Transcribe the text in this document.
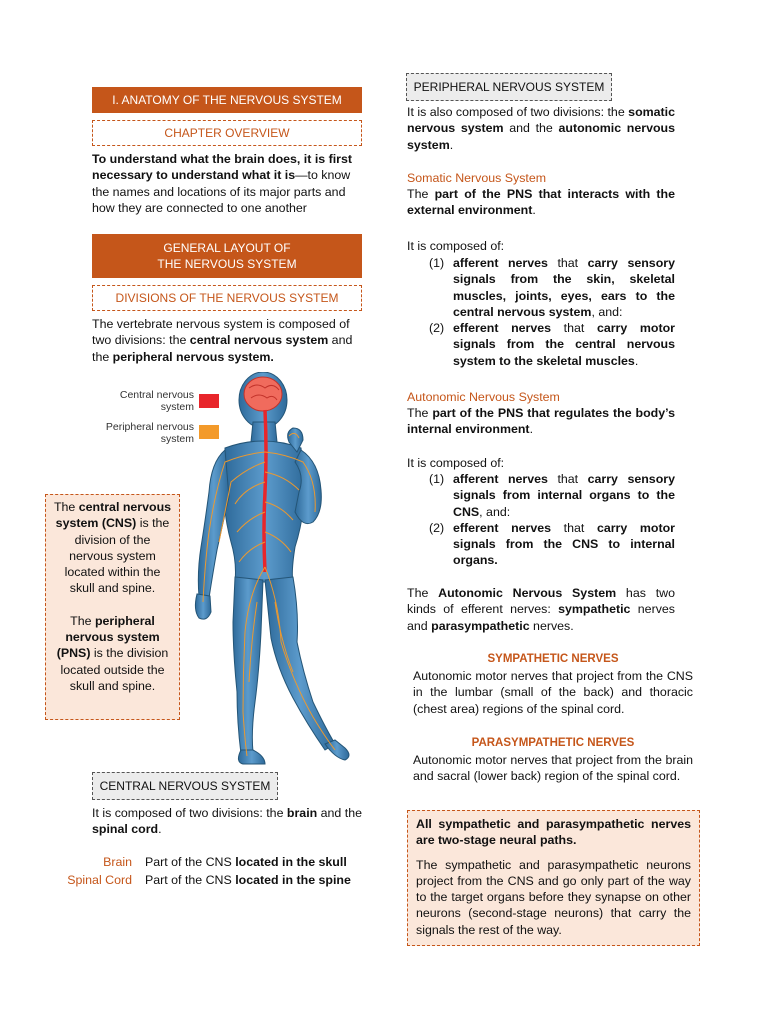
I. ANATOMY OF THE NERVOUS SYSTEM
CHAPTER OVERVIEW
To understand what the brain does, it is first necessary to understand what it is—to know the names and locations of its major parts and how they are connected to one another
GENERAL LAYOUT OF
THE NERVOUS SYSTEM
DIVISIONS OF THE NERVOUS SYSTEM
The vertebrate nervous system is composed of two divisions: the central nervous system and the peripheral nervous system.
Central nervous system
Peripheral nervous system

The central nervous system (CNS) is the division of the nervous system located within the skull and spine.

The peripheral nervous system (PNS) is the division located outside the skull and spine.

CENTRAL NERVOUS SYSTEM
It is composed of two divisions: the brain and the spinal cord.
Brain Part of the CNS located in the skull
Spinal Cord Part of the CNS located in the spine
PERIPHERAL NERVOUS SYSTEM
It is also composed of two divisions: the somatic nervous system and the autonomic nervous system.
Somatic Nervous System
The part of the PNS that interacts with the external environment.
It is composed of:
(1) afferent nerves that carry sensory signals from the skin, skeletal muscles, joints, eyes, ears to the central nervous system, and:
(2) efferent nerves that carry motor signals from the central nervous system to the skeletal muscles.
Autonomic Nervous System
The part of the PNS that regulates the body’s internal environment.
It is composed of:
(1) afferent nerves that carry sensory signals from internal organs to the CNS, and:
(2) efferent nerves that carry motor signals from the CNS to internal organs.
The Autonomic Nervous System has two kinds of efferent nerves: sympathetic nerves and parasympathetic nerves.
SYMPATHETIC NERVES
Autonomic motor nerves that project from the CNS in the lumbar (small of the back) and thoracic (chest area) regions of the spinal cord.
PARASYMPATHETIC NERVES
Autonomic motor nerves that project from the brain and sacral (lower back) region of the spinal cord.

All sympathetic and parasympathetic nerves are two-stage neural paths.

The sympathetic and parasympathetic neurons project from the CNS and go only part of the way to the target organs before they synapse on other neurons (second-stage neurons) that carry the signals the rest of the way.
